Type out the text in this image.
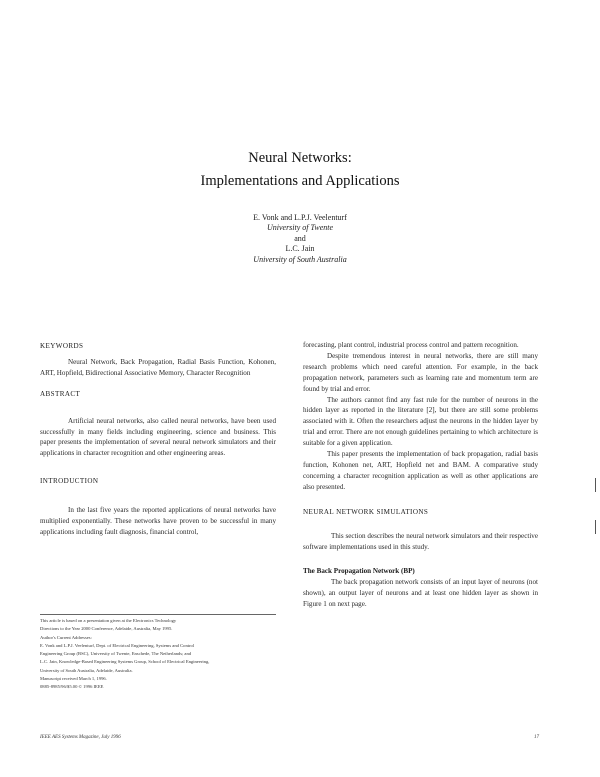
Neural Networks:
Implementations and Applications
E. Vonk and L.P.J. Veelenturf
University of Twente
and
L.C. Jain
University of South Australia
KEYWORDS

Neural Network, Back Propagation, Radial Basis Function, Kohonen, ART, Hopfield, Bidirectional Associative Memory, Character Recognition

ABSTRACT

Artificial neural networks, also called neural networks, have been used successfully in many fields including engineering, science and business. This paper presents the implementation of several neural network simulators and their applications in character recognition and other engineering areas.

INTRODUCTION

In the last five years the reported applications of neural networks have multiplied exponentially. These networks have proven to be successful in many applications including fault diagnosis, financial control,

forecasting, plant control, industrial process control and pattern recognition.

Despite tremendous interest in neural networks, there are still many research problems which need careful attention. For example, in the back propagation network, parameters such as learning rate and momentum term are found by trial and error.

The authors cannot find any fast rule for the number of neurons in the hidden layer as reported in the literature [2], but there are still some problems associated with it. Often the researchers adjust the neurons in the hidden layer by trial and error. There are not enough guidelines pertaining to which architecture is suitable for a given application.

This paper presents the implementation of back propagation, radial basis function, Kohonen net, ART, Hopfield net and BAM. A comparative study concerning a character recognition application as well as other applications are also presented.

NEURAL NETWORK SIMULATIONS

This section describes the neural network simulators and their respective software implementations used in this study.

The Back Propagation Network (BP)

The back propagation network consists of an input layer of neurons (not shown), an output layer of neurons and at least one hidden layer as shown in Figure 1 on next page.

This article is based on a presentation given at the Electronics Technology
Directions to the Year 2000 Conference, Adelaide, Australia, May 1995.
Author's Current Addresses:
E. Vonk and L.P.J. Veelenturf, Dept. of Electrical Engineering, Systems and Control
Engineering Group (BSC), University of Twente, Enschede, The Netherlands; and
L.C. Jain, Knowledge-Based Engineering Systems Group, School of Electrical Engineering,
University of South Australia, Adelaide, Australia.
Manuscript received March 1, 1996.
0885-8985/96/$5.00 © 1996 IEEE
IEEE AES Systems Magazine, July 1996	17
